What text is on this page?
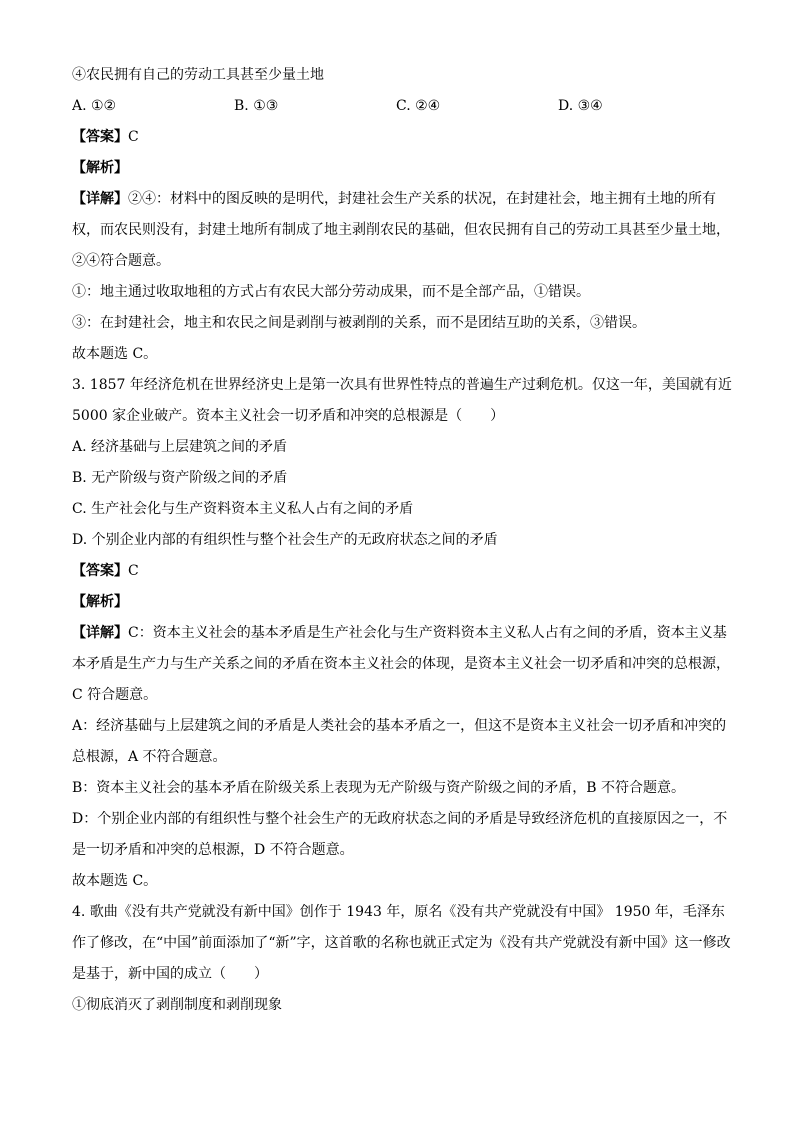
④农民拥有自己的劳动工具甚至少量土地
A. ①②	B. ①③	C. ②④	D. ③④
【答案】C
【解析】
【详解】②④：材料中的图反映的是明代，封建社会生产关系的状况，在封建社会，地主拥有土地的所有权，而农民则没有，封建土地所有制成了地主剥削农民的基础，但农民拥有自己的劳动工具甚至少量土地，②④符合题意。
①：地主通过收取地租的方式占有农民大部分劳动成果，而不是全部产品，①错误。
③：在封建社会，地主和农民之间是剥削与被剥削的关系，而不是团结互助的关系，③错误。
故本题选 C。
3. 1857 年经济危机在世界经济史上是第一次具有世界性特点的普遍生产过剩危机。仅这一年，美国就有近 5000 家企业破产。资本主义社会一切矛盾和冲突的总根源是（　　）
A. 经济基础与上层建筑之间的矛盾
B. 无产阶级与资产阶级之间的矛盾
C. 生产社会化与生产资料资本主义私人占有之间的矛盾
D. 个别企业内部的有组织性与整个社会生产的无政府状态之间的矛盾
【答案】C
【解析】
【详解】C：资本主义社会的基本矛盾是生产社会化与生产资料资本主义私人占有之间的矛盾，资本主义基本矛盾是生产力与生产关系之间的矛盾在资本主义社会的体现，是资本主义社会一切矛盾和冲突的总根源，C 符合题意。
A：经济基础与上层建筑之间的矛盾是人类社会的基本矛盾之一，但这不是资本主义社会一切矛盾和冲突的总根源，A 不符合题意。
B：资本主义社会的基本矛盾在阶级关系上表现为无产阶级与资产阶级之间的矛盾，B 不符合题意。
D：个别企业内部的有组织性与整个社会生产的无政府状态之间的矛盾是导致经济危机的直接原因之一，不是一切矛盾和冲突的总根源，D 不符合题意。
故本题选 C。
4. 歌曲《没有共产党就没有新中国》创作于 1943 年，原名《没有共产党就没有中国》 1950 年，毛泽东作了修改，在“中国”前面添加了“新”字，这首歌的名称也就正式定为《没有共产党就没有新中国》这一修改是基于，新中国的成立（　　）
①彻底消灭了剥削制度和剥削现象
